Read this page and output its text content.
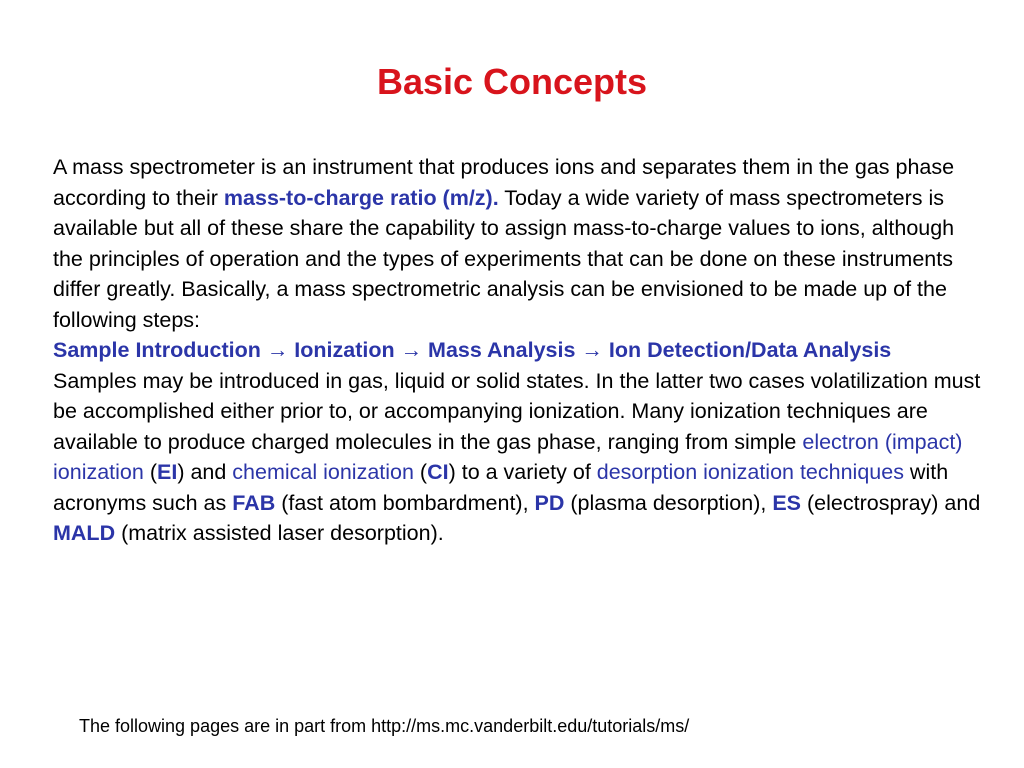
Basic Concepts
A mass spectrometer is an instrument that produces ions and separates them in the gas phase according to their mass-to-charge ratio (m/z). Today a wide variety of mass spectrometers is available but all of these share the capability to assign mass-to-charge values to ions, although the principles of operation and the types of experiments that can be done on these instruments differ greatly. Basically, a mass spectrometric analysis can be envisioned to be made up of the following steps:
Sample Introduction → Ionization → Mass Analysis → Ion Detection/Data Analysis
Samples may be introduced in gas, liquid or solid states. In the latter two cases volatilization must be accomplished either prior to, or accompanying ionization. Many ionization techniques are available to produce charged molecules in the gas phase, ranging from simple electron (impact) ionization (EI) and chemical ionization (CI) to a variety of desorption ionization techniques with acronyms such as FAB (fast atom bombardment), PD (plasma desorption), ES (electrospray) and MALD (matrix assisted laser desorption).

The following pages are in part from http://ms.mc.vanderbilt.edu/tutorials/ms/
